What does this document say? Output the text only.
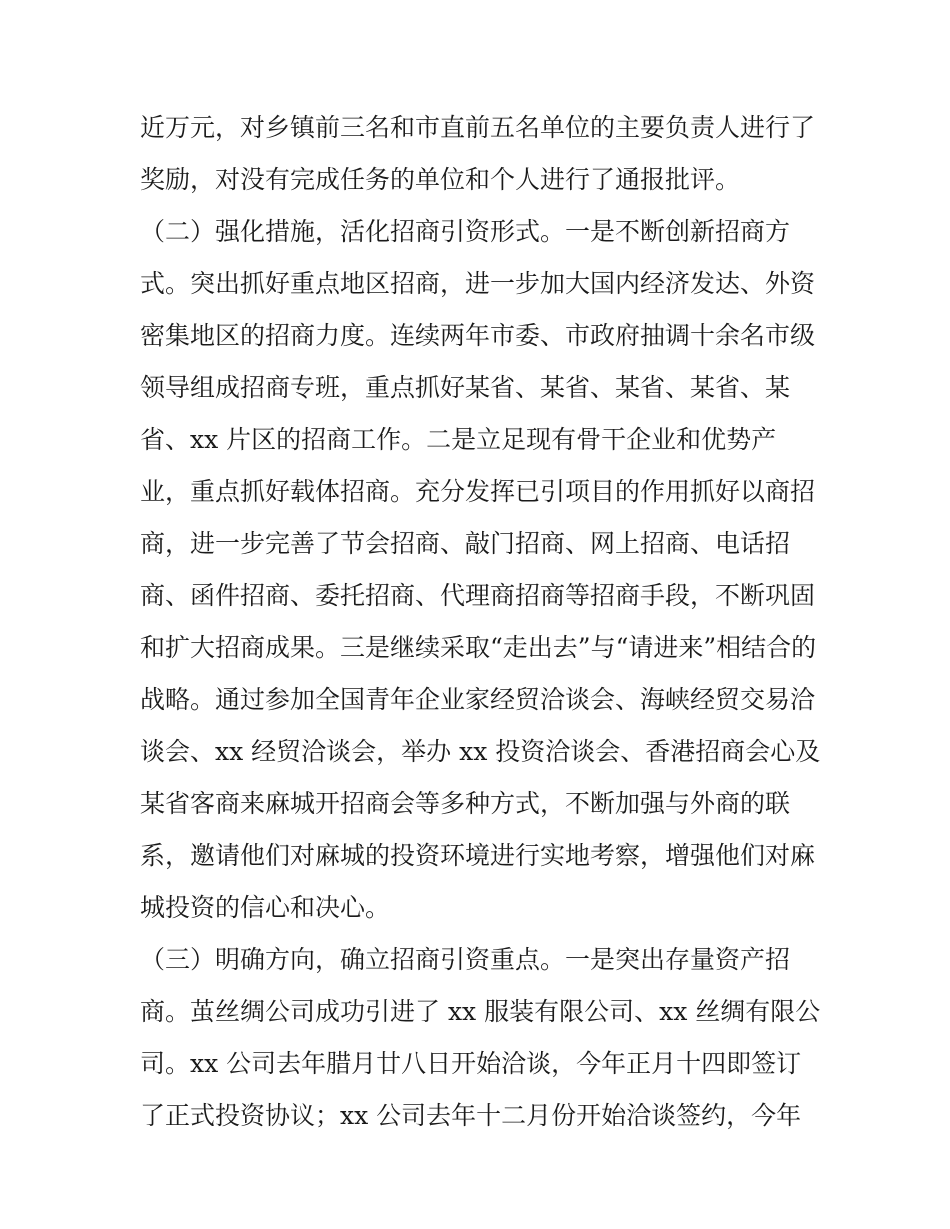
近万元，对乡镇前三名和市直前五名单位的主要负责人进行了
奖励，对没有完成任务的单位和个人进行了通报批评。
（二）强化措施，活化招商引资形式。一是不断创新招商方
式。突出抓好重点地区招商，进一步加大国内经济发达、外资
密集地区的招商力度。连续两年市委、市政府抽调十余名市级
领导组成招商专班，重点抓好某省、某省、某省、某省、某
省、xx 片区的招商工作。二是立足现有骨干企业和优势产
业，重点抓好载体招商。充分发挥已引项目的作用抓好以商招
商，进一步完善了节会招商、敲门招商、网上招商、电话招
商、函件招商、委托招商、代理商招商等招商手段，不断巩固
和扩大招商成果。三是继续采取“走出去”与“请进来”相结合的
战略。通过参加全国青年企业家经贸洽谈会、海峡经贸交易洽
谈会、xx 经贸洽谈会，举办 xx 投资洽谈会、香港招商会心及
某省客商来麻城开招商会等多种方式，不断加强与外商的联
系，邀请他们对麻城的投资环境进行实地考察，增强他们对麻
城投资的信心和决心。
（三）明确方向，确立招商引资重点。一是突出存量资产招
商。茧丝绸公司成功引进了 xx 服装有限公司、xx 丝绸有限公
司。xx 公司去年腊月廿八日开始洽谈，今年正月十四即签订
了正式投资协议；xx 公司去年十二月份开始洽谈签约，今年
